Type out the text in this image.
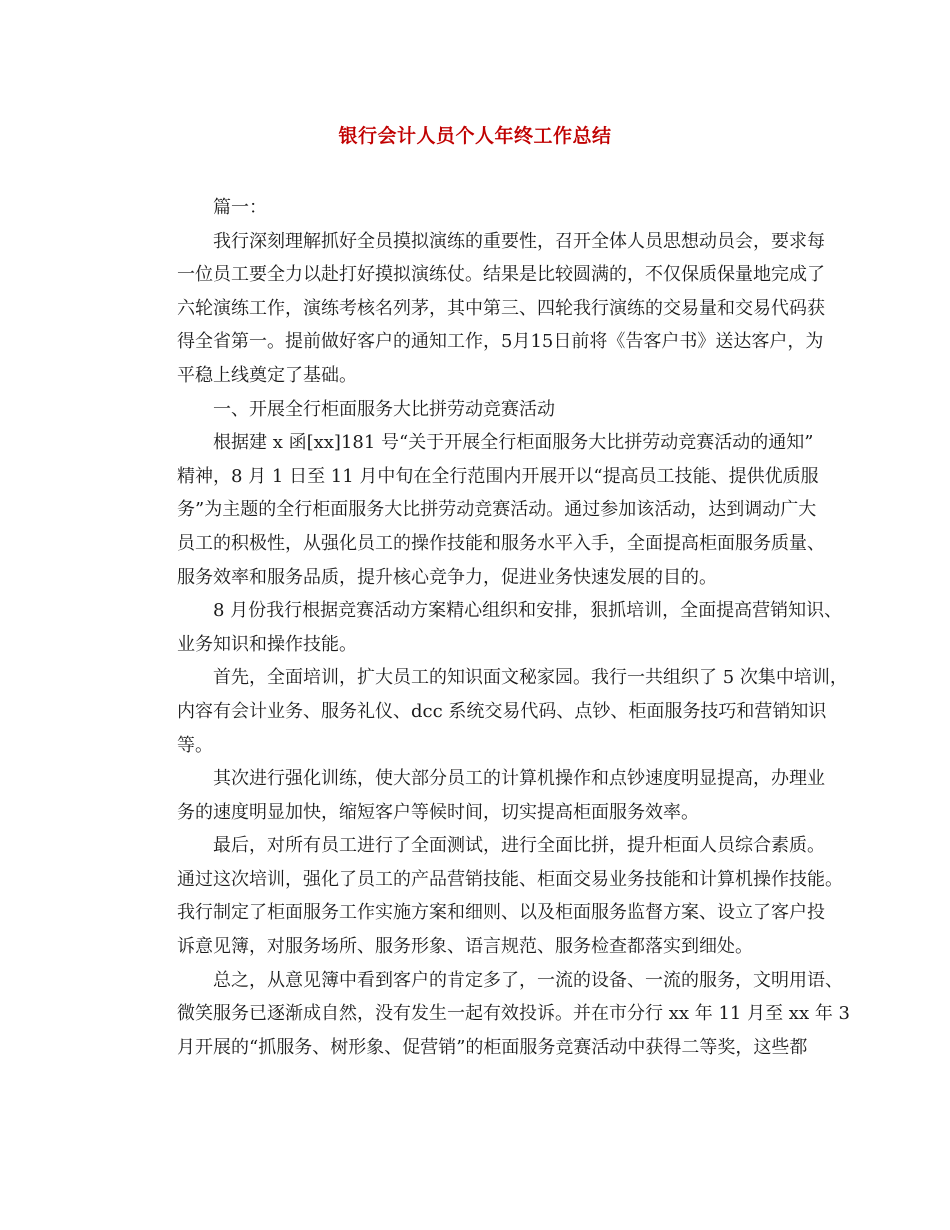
银行会计人员个人年终工作总结
篇一：
我行深刻理解抓好全员摸拟演练的重要性，召开全体人员思想动员会，要求每
一位员工要全力以赴打好摸拟演练仗。结果是比较圆满的，不仅保质保量地完成了
六轮演练工作，演练考核名列茅，其中第三、四轮我行演练的交易量和交易代码获
得全省第一。提前做好客户的通知工作，5月15日前将《告客户书》送达客户，为
平稳上线奠定了基础。
一、开展全行柜面服务大比拼劳动竞赛活动
根据建 x 函[xx]181 号“关于开展全行柜面服务大比拼劳动竞赛活动的通知”
精神，8 月 1 日至 11 月中旬在全行范围内开展开以“提高员工技能、提供优质服
务”为主题的全行柜面服务大比拼劳动竞赛活动。通过参加该活动，达到调动广大
员工的积极性，从强化员工的操作技能和服务水平入手，全面提高柜面服务质量、
服务效率和服务品质，提升核心竞争力，促进业务快速发展的目的。
8 月份我行根据竞赛活动方案精心组织和安排，狠抓培训，全面提高营销知识、
业务知识和操作技能。
首先，全面培训，扩大员工的知识面文秘家园。我行一共组织了 5 次集中培训，
内容有会计业务、服务礼仪、dcc 系统交易代码、点钞、柜面服务技巧和营销知识
等。
其次进行强化训练，使大部分员工的计算机操作和点钞速度明显提高，办理业
务的速度明显加快，缩短客户等候时间，切实提高柜面服务效率。
最后，对所有员工进行了全面测试，进行全面比拼，提升柜面人员综合素质。
通过这次培训，强化了员工的产品营销技能、柜面交易业务技能和计算机操作技能。
我行制定了柜面服务工作实施方案和细则、以及柜面服务监督方案、设立了客户投
诉意见簿，对服务场所、服务形象、语言规范、服务检查都落实到细处。
总之，从意见簿中看到客户的肯定多了，一流的设备、一流的服务，文明用语、
微笑服务已逐渐成自然，没有发生一起有效投诉。并在市分行 xx 年 11 月至 xx 年 3
月开展的“抓服务、树形象、促营销”的柜面服务竞赛活动中获得二等奖，这些都
